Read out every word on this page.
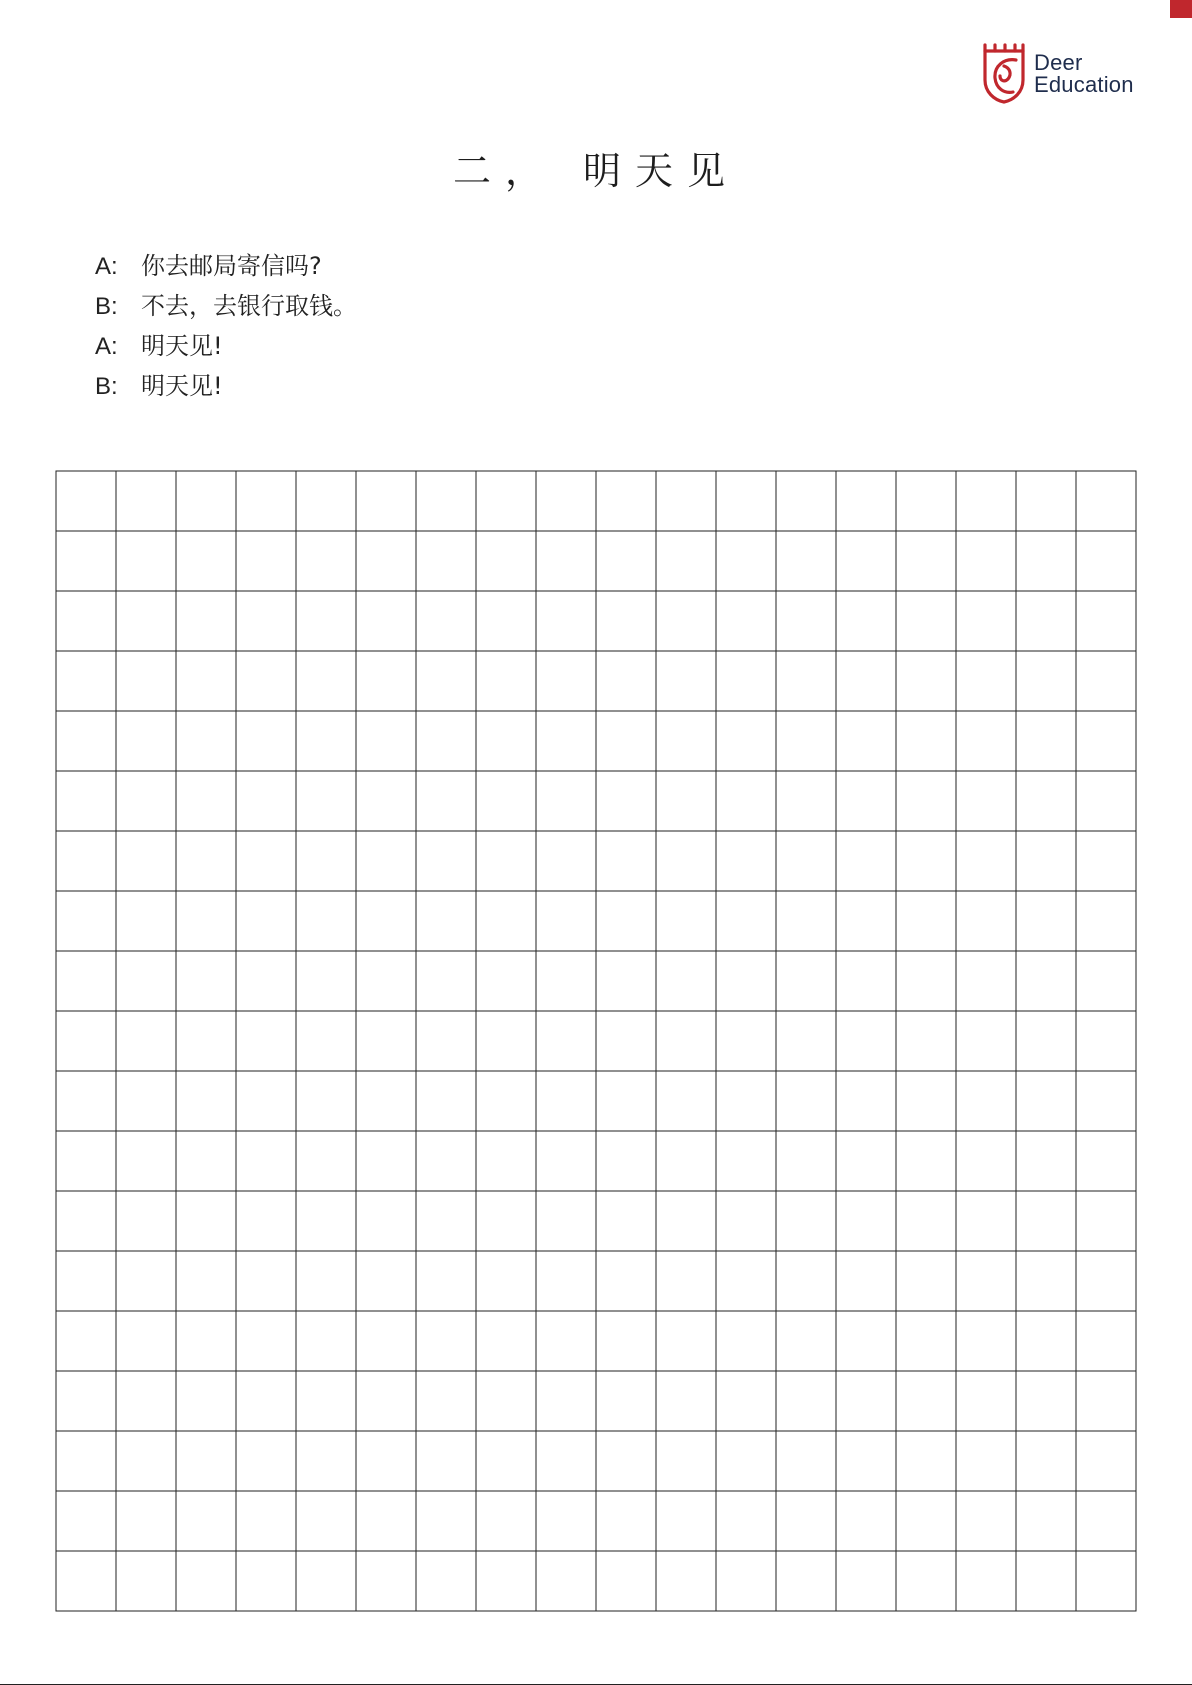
Deer
Education
二， 明天见
A: 你去邮局寄信吗?
B: 不去，去银行取钱。
A: 明天见!
B: 明天见!
